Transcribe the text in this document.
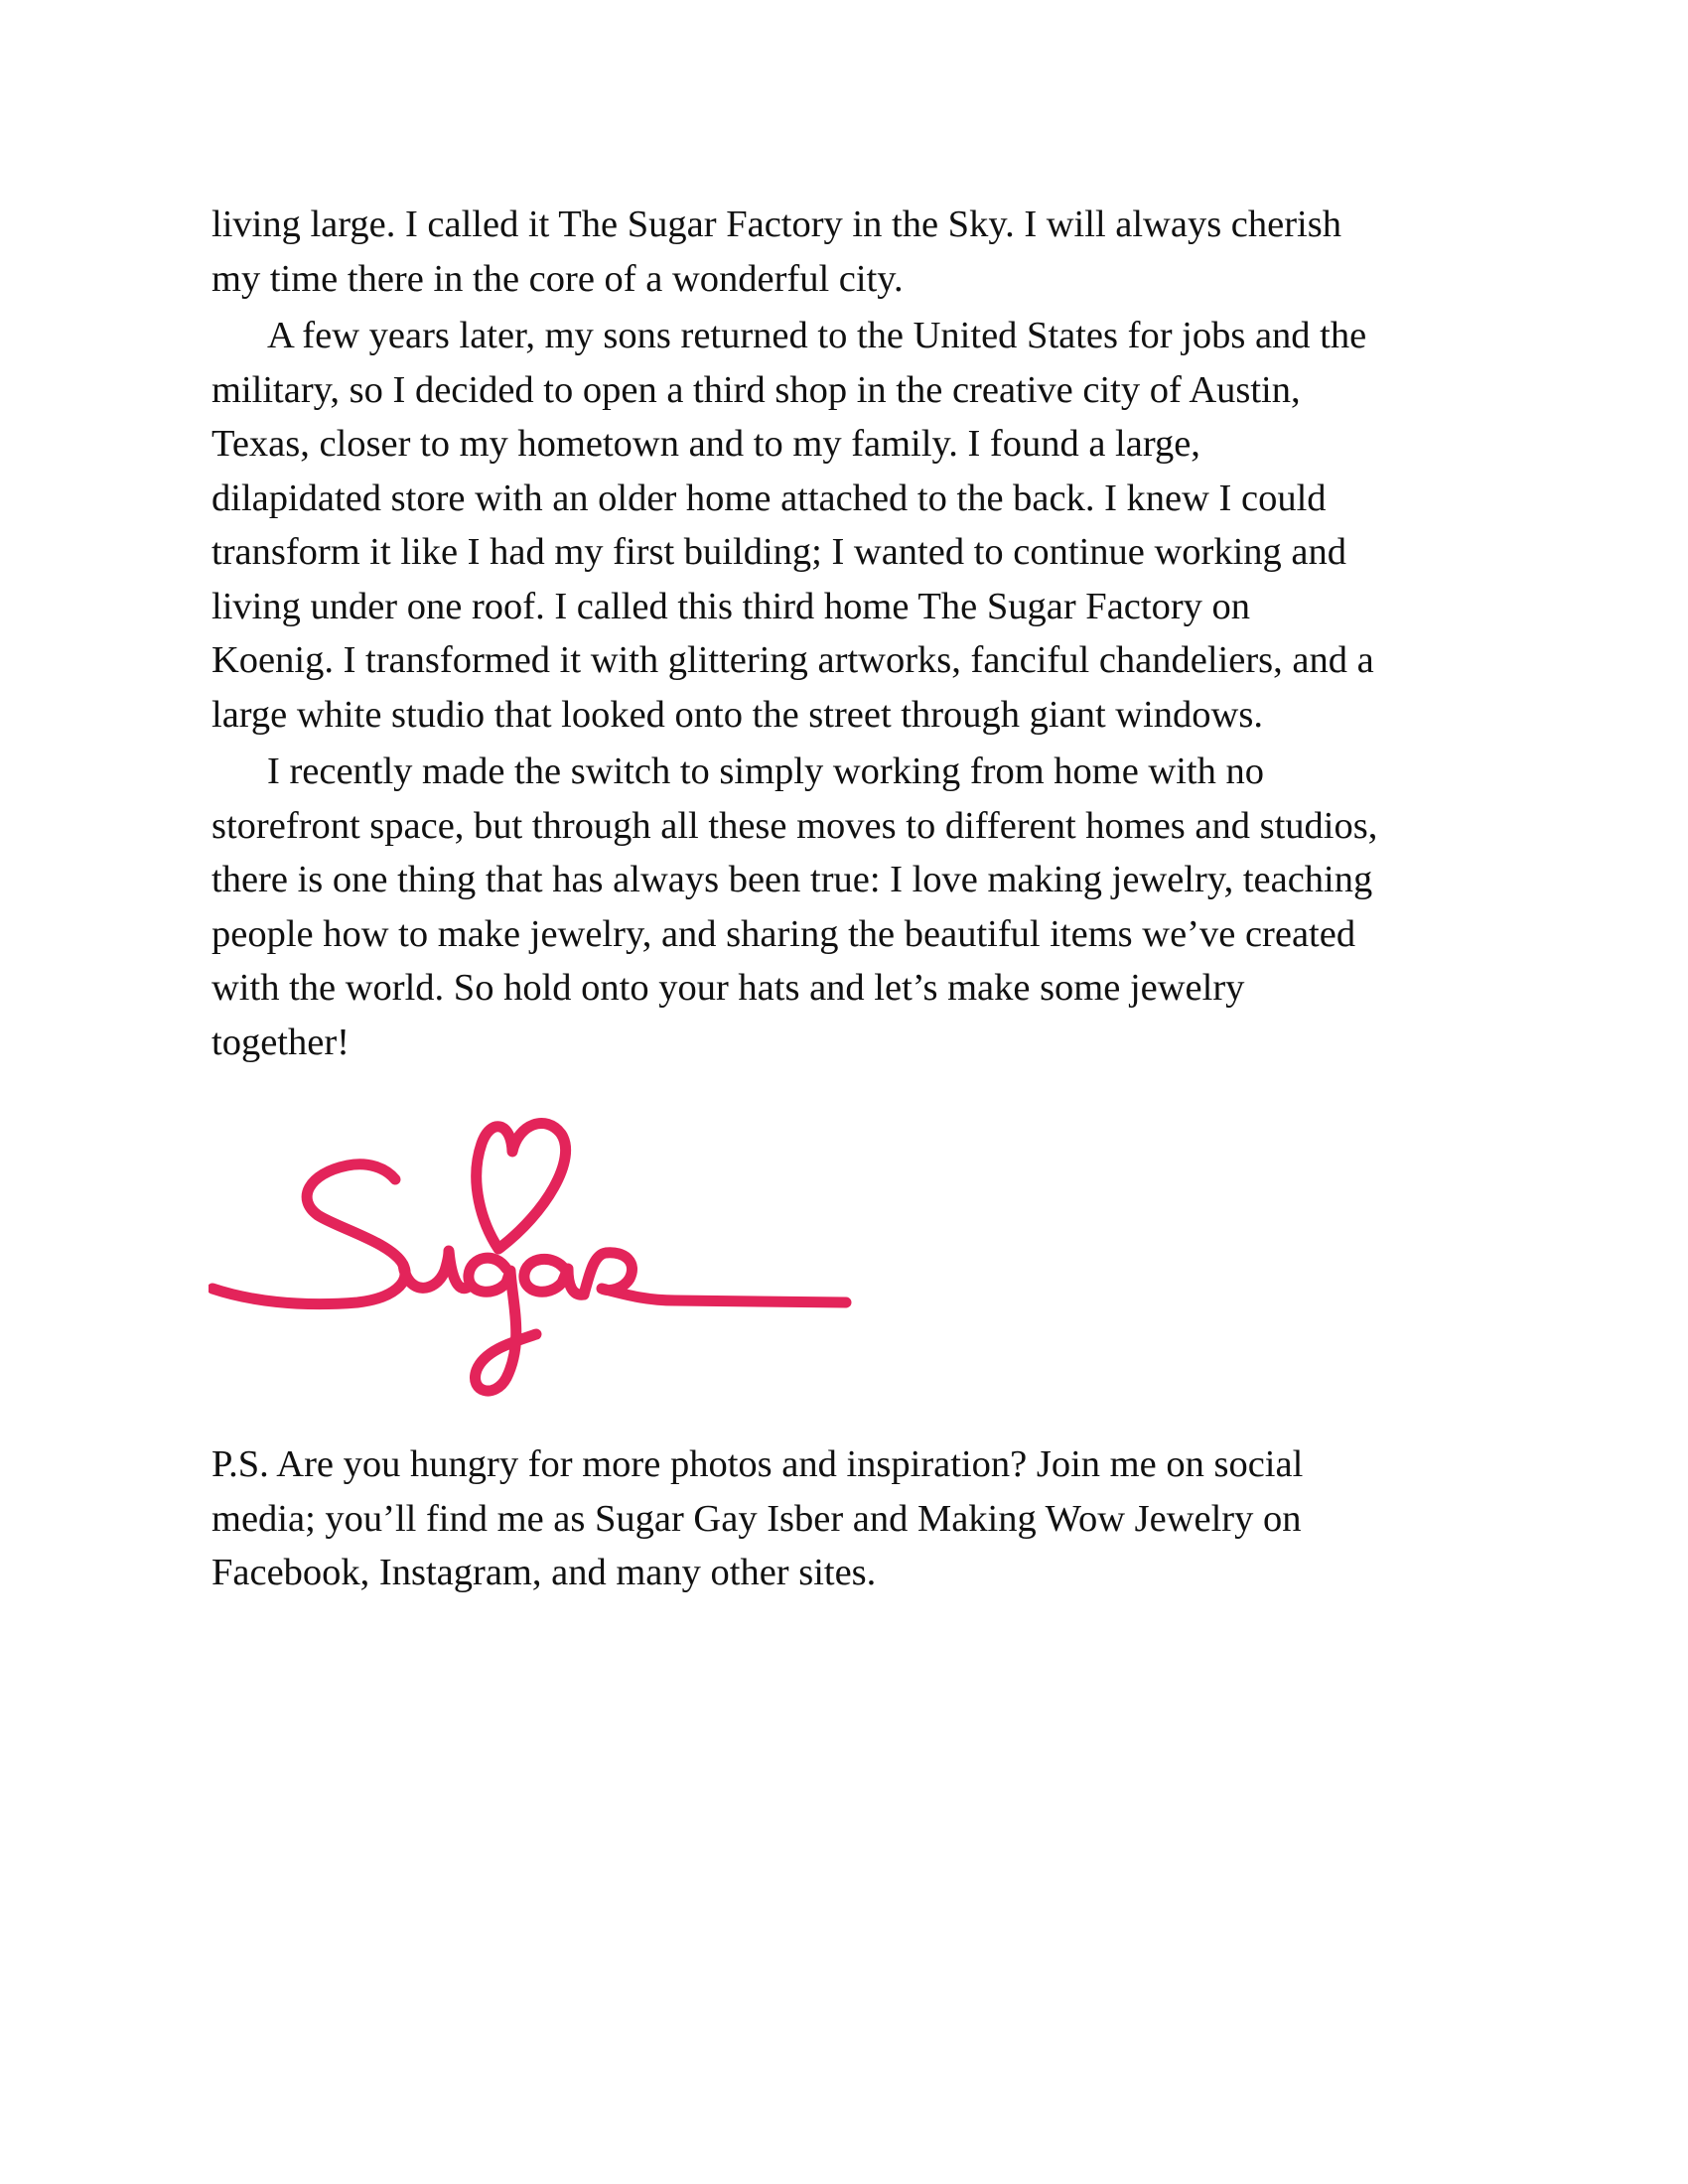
living large. I called it The Sugar Factory in the Sky. I will always cherish
my time there in the core of a wonderful city.

A few years later, my sons returned to the United States for jobs and the
military, so I decided to open a third shop in the creative city of Austin,
Texas, closer to my hometown and to my family. I found a large,
dilapidated store with an older home attached to the back. I knew I could
transform it like I had my first building; I wanted to continue working and
living under one roof. I called this third home The Sugar Factory on
Koenig. I transformed it with glittering artworks, fanciful chandeliers, and a
large white studio that looked onto the street through giant windows.

I recently made the switch to simply working from home with no
storefront space, but through all these moves to different homes and studios,
there is one thing that has always been true: I love making jewelry, teaching
people how to make jewelry, and sharing the beautiful items we’ve created
with the world. So hold onto your hats and let’s make some jewelry
together!

P.S. Are you hungry for more photos and inspiration? Join me on social
media; you’ll find me as Sugar Gay Isber and Making Wow Jewelry on
Facebook, Instagram, and many other sites.
